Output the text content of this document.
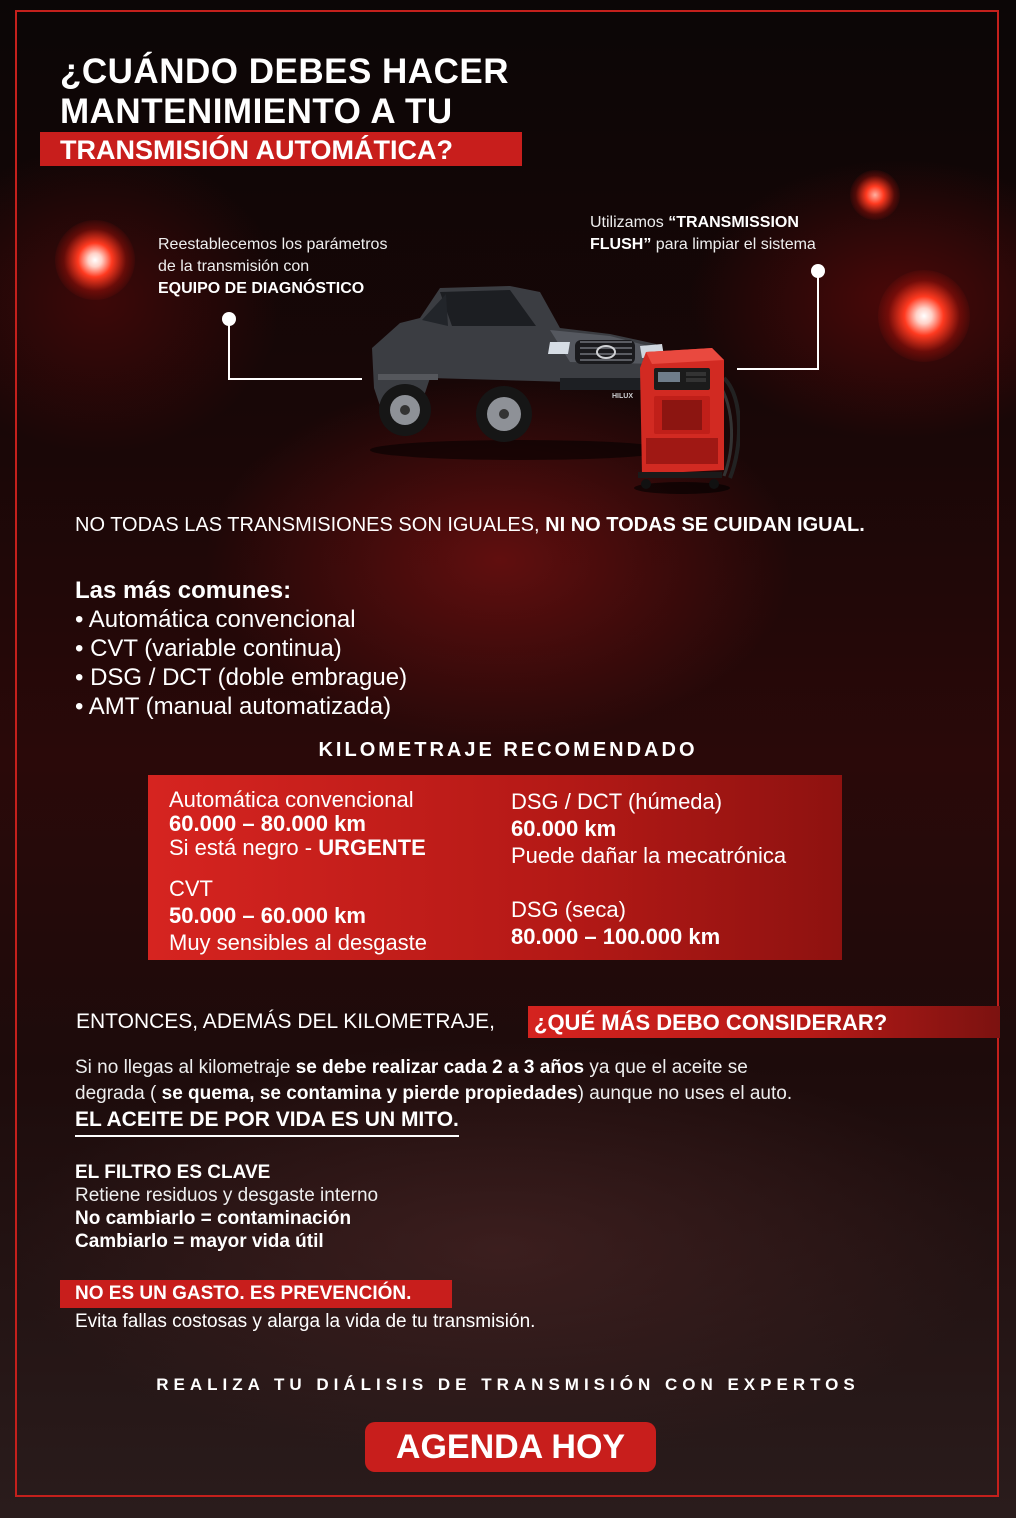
¿CUÁNDO DEBES HACER
MANTENIMIENTO A TU
TRANSMISIÓN AUTOMÁTICA?
Reestablecemos los parámetros
de la transmisión con
EQUIPO DE DIAGNÓSTICO
Utilizamos “TRANSMISSION
FLUSH” para limpiar el sistema
HILUX
NO TODAS LAS TRANSMISIONES SON IGUALES, NI NO TODAS SE CUIDAN IGUAL.
Las más comunes:
• Automática convencional
• CVT (variable continua)
• DSG / DCT (doble embrague)
• AMT (manual automatizada)
KILOMETRAJE RECOMENDADO
Automática convencional
60.000 – 80.000 km
Si está negro - URGENTE
CVT
50.000 – 60.000 km
Muy sensibles al desgaste
DSG / DCT (húmeda)
60.000 km
Puede dañar la mecatrónica
DSG (seca)
80.000 – 100.000 km
ENTONCES, ADEMÁS DEL KILOMETRAJE, ¿QUÉ MÁS DEBO CONSIDERAR?
Si no llegas al kilometraje se debe realizar cada 2 a 3 años ya que el aceite se
degrada ( se quema, se contamina y pierde propiedades) aunque no uses el auto.
EL ACEITE DE POR VIDA ES UN MITO.
EL FILTRO ES CLAVE
Retiene residuos y desgaste interno
No cambiarlo = contaminación
Cambiarlo = mayor vida útil
NO ES UN GASTO. ES PREVENCIÓN.
Evita fallas costosas y alarga la vida de tu transmisión.
REALIZA TU DIÁLISIS DE TRANSMISIÓN CON EXPERTOS
AGENDA HOY
